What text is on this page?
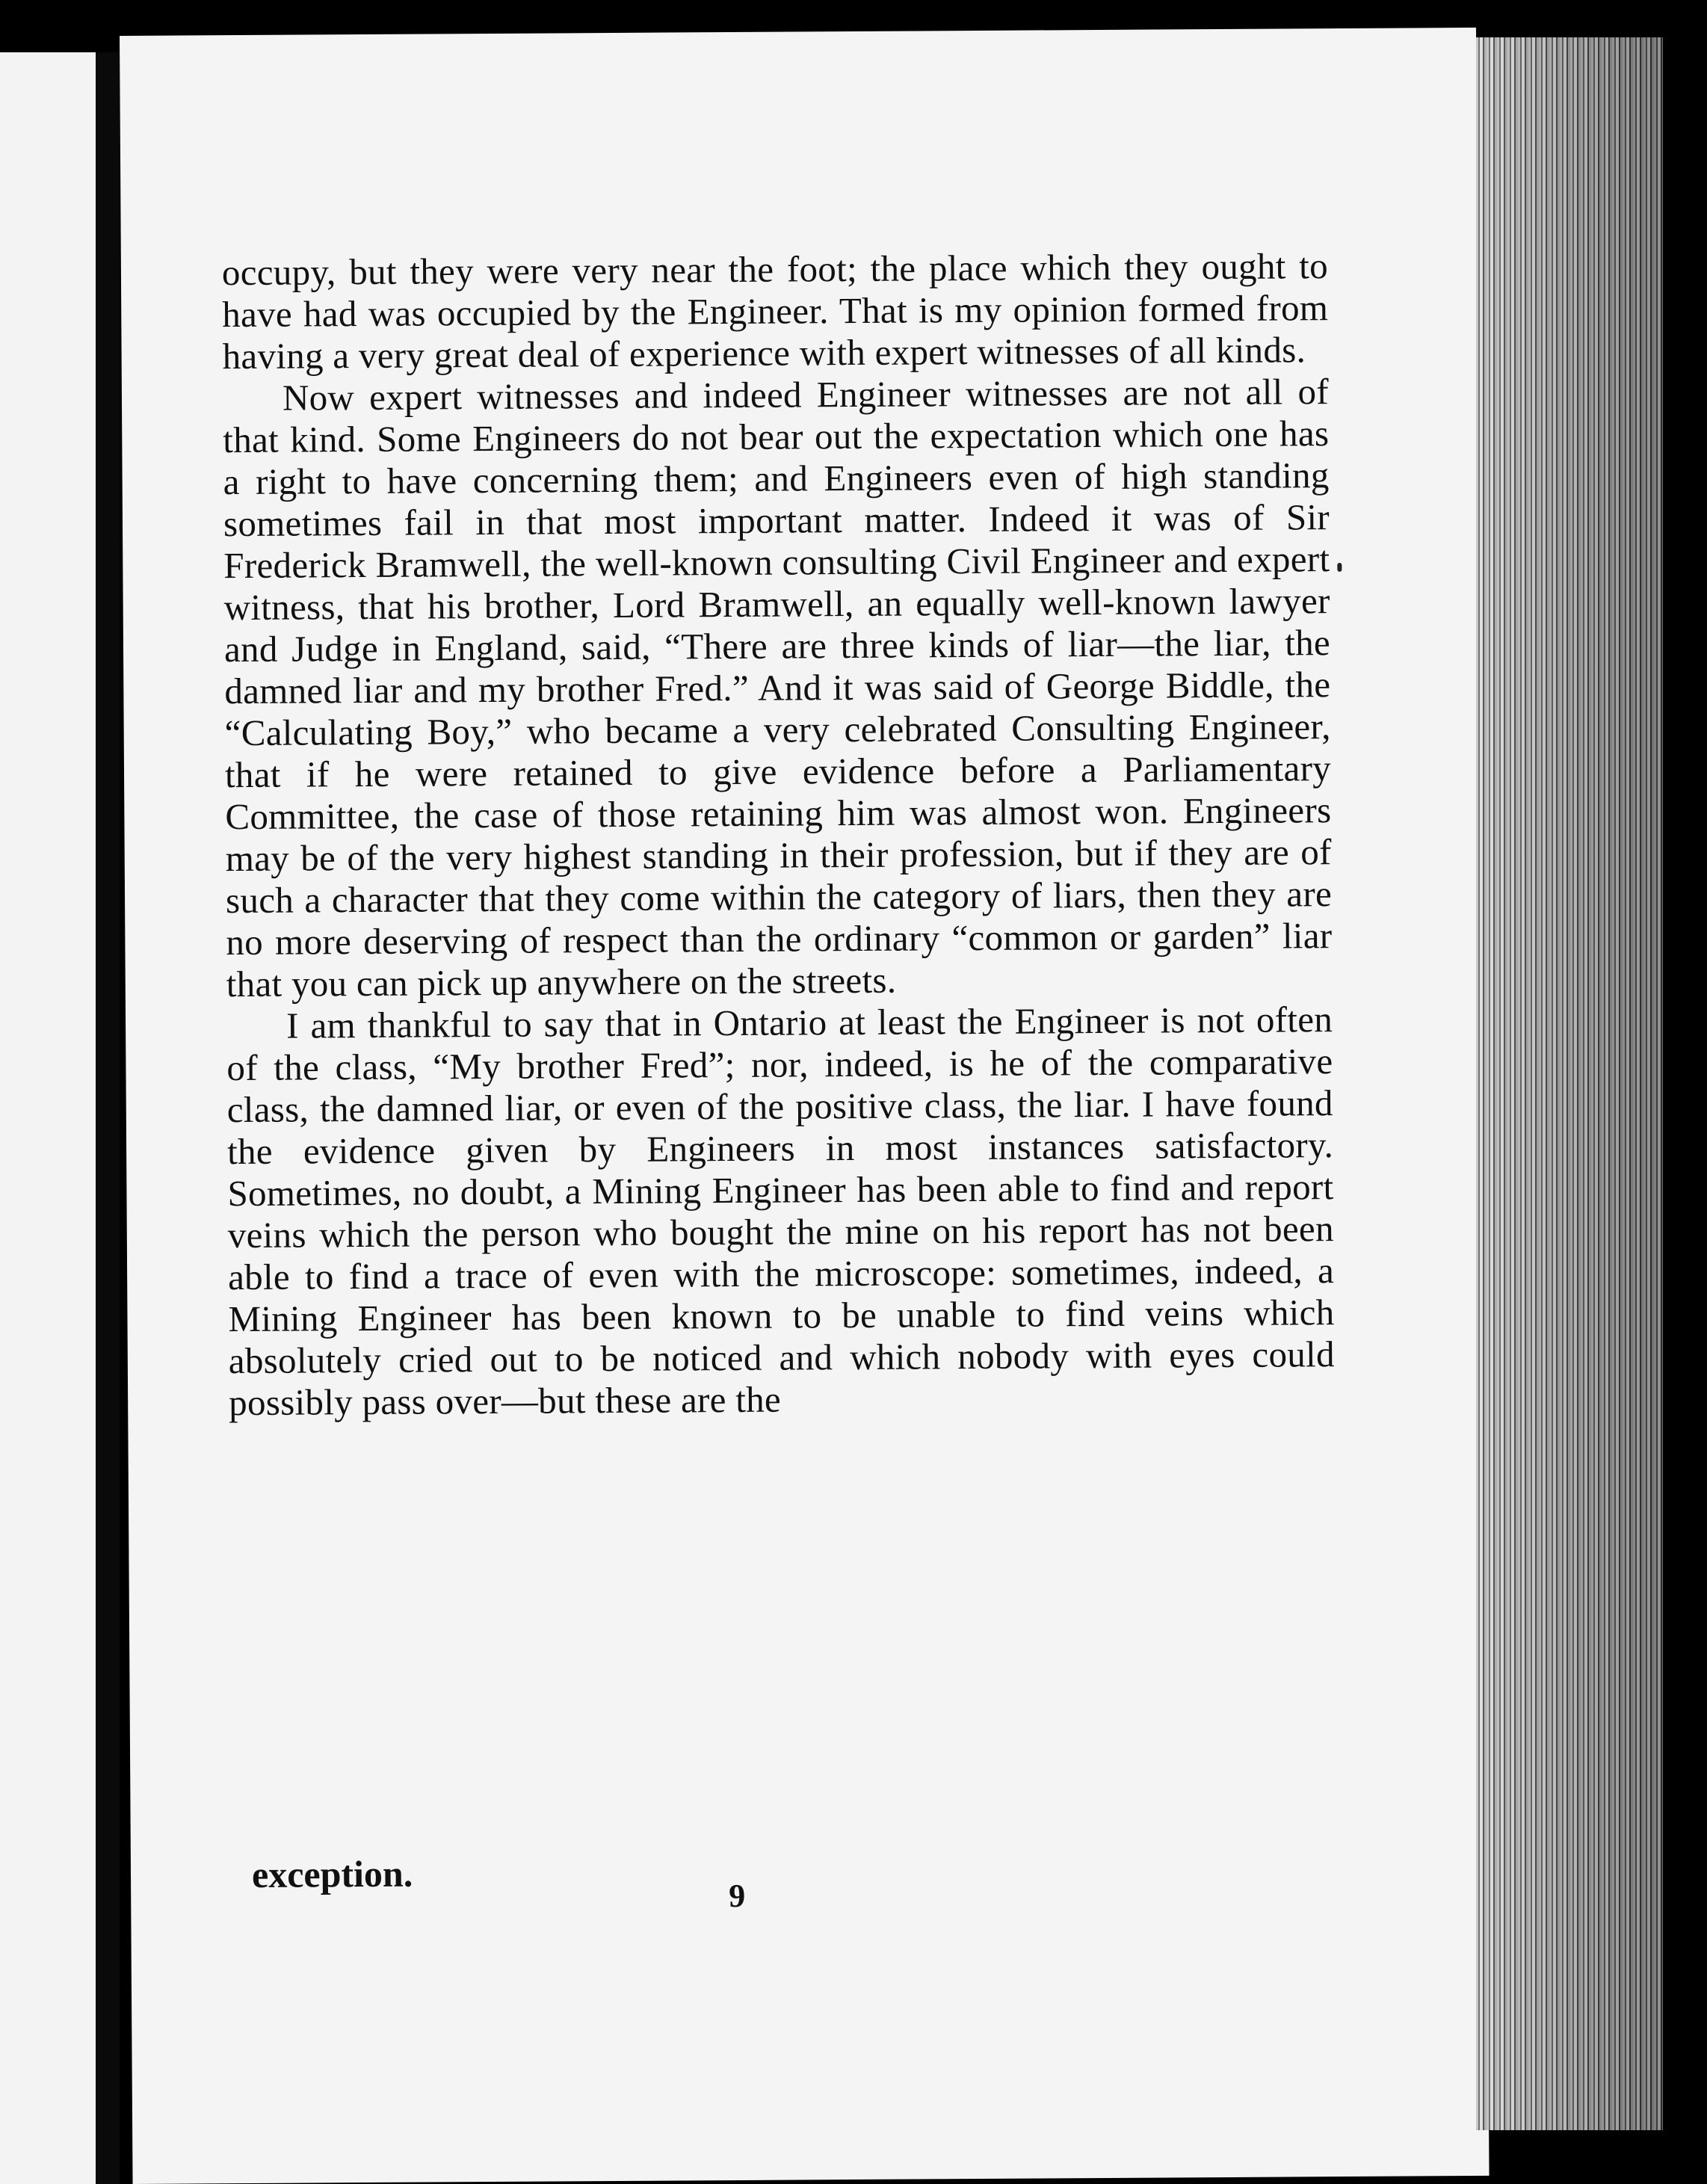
occupy, but they were very near the foot; the place which they ought to have had was occupied by the Engineer. That is my opinion formed from having a very great deal of experience with expert witnesses of all kinds.

Now expert witnesses and indeed Engineer witnesses are not all of that kind. Some Engineers do not bear out the expectation which one has a right to have concerning them; and Engineers even of high standing sometimes fail in that most important matter. Indeed it was of Sir Frederick Bramwell, the well-known consulting Civil Engineer and expert witness, that his brother, Lord Bramwell, an equally well-known lawyer and Judge in England, said, “There are three kinds of liar—the liar, the damned liar and my brother Fred.” And it was said of George Biddle, the “Calculating Boy,” who became a very celebrated Consulting Engineer, that if he were retained to give evidence before a Parliamentary Committee, the case of those retaining him was almost won. Engineers may be of the very highest standing in their profession, but if they are of such a character that they come within the category of liars, then they are no more deserving of respect than the ordinary “common or garden” liar that you can pick up anywhere on the streets.

I am thankful to say that in Ontario at least the Engineer is not often of the class, “My brother Fred”; nor, indeed, is he of the comparative class, the damned liar, or even of the positive class, the liar. I have found the evidence given by Engineers in most instances satisfactory. Sometimes, no doubt, a Mining Engineer has been able to find and report veins which the person who bought the mine on his report has not been able to find a trace of even with the microscope: sometimes, indeed, a Mining Engineer has been known to be unable to find veins which absolutely cried out to be noticed and which nobody with eyes could possibly pass over—but these are the

exception.
9
